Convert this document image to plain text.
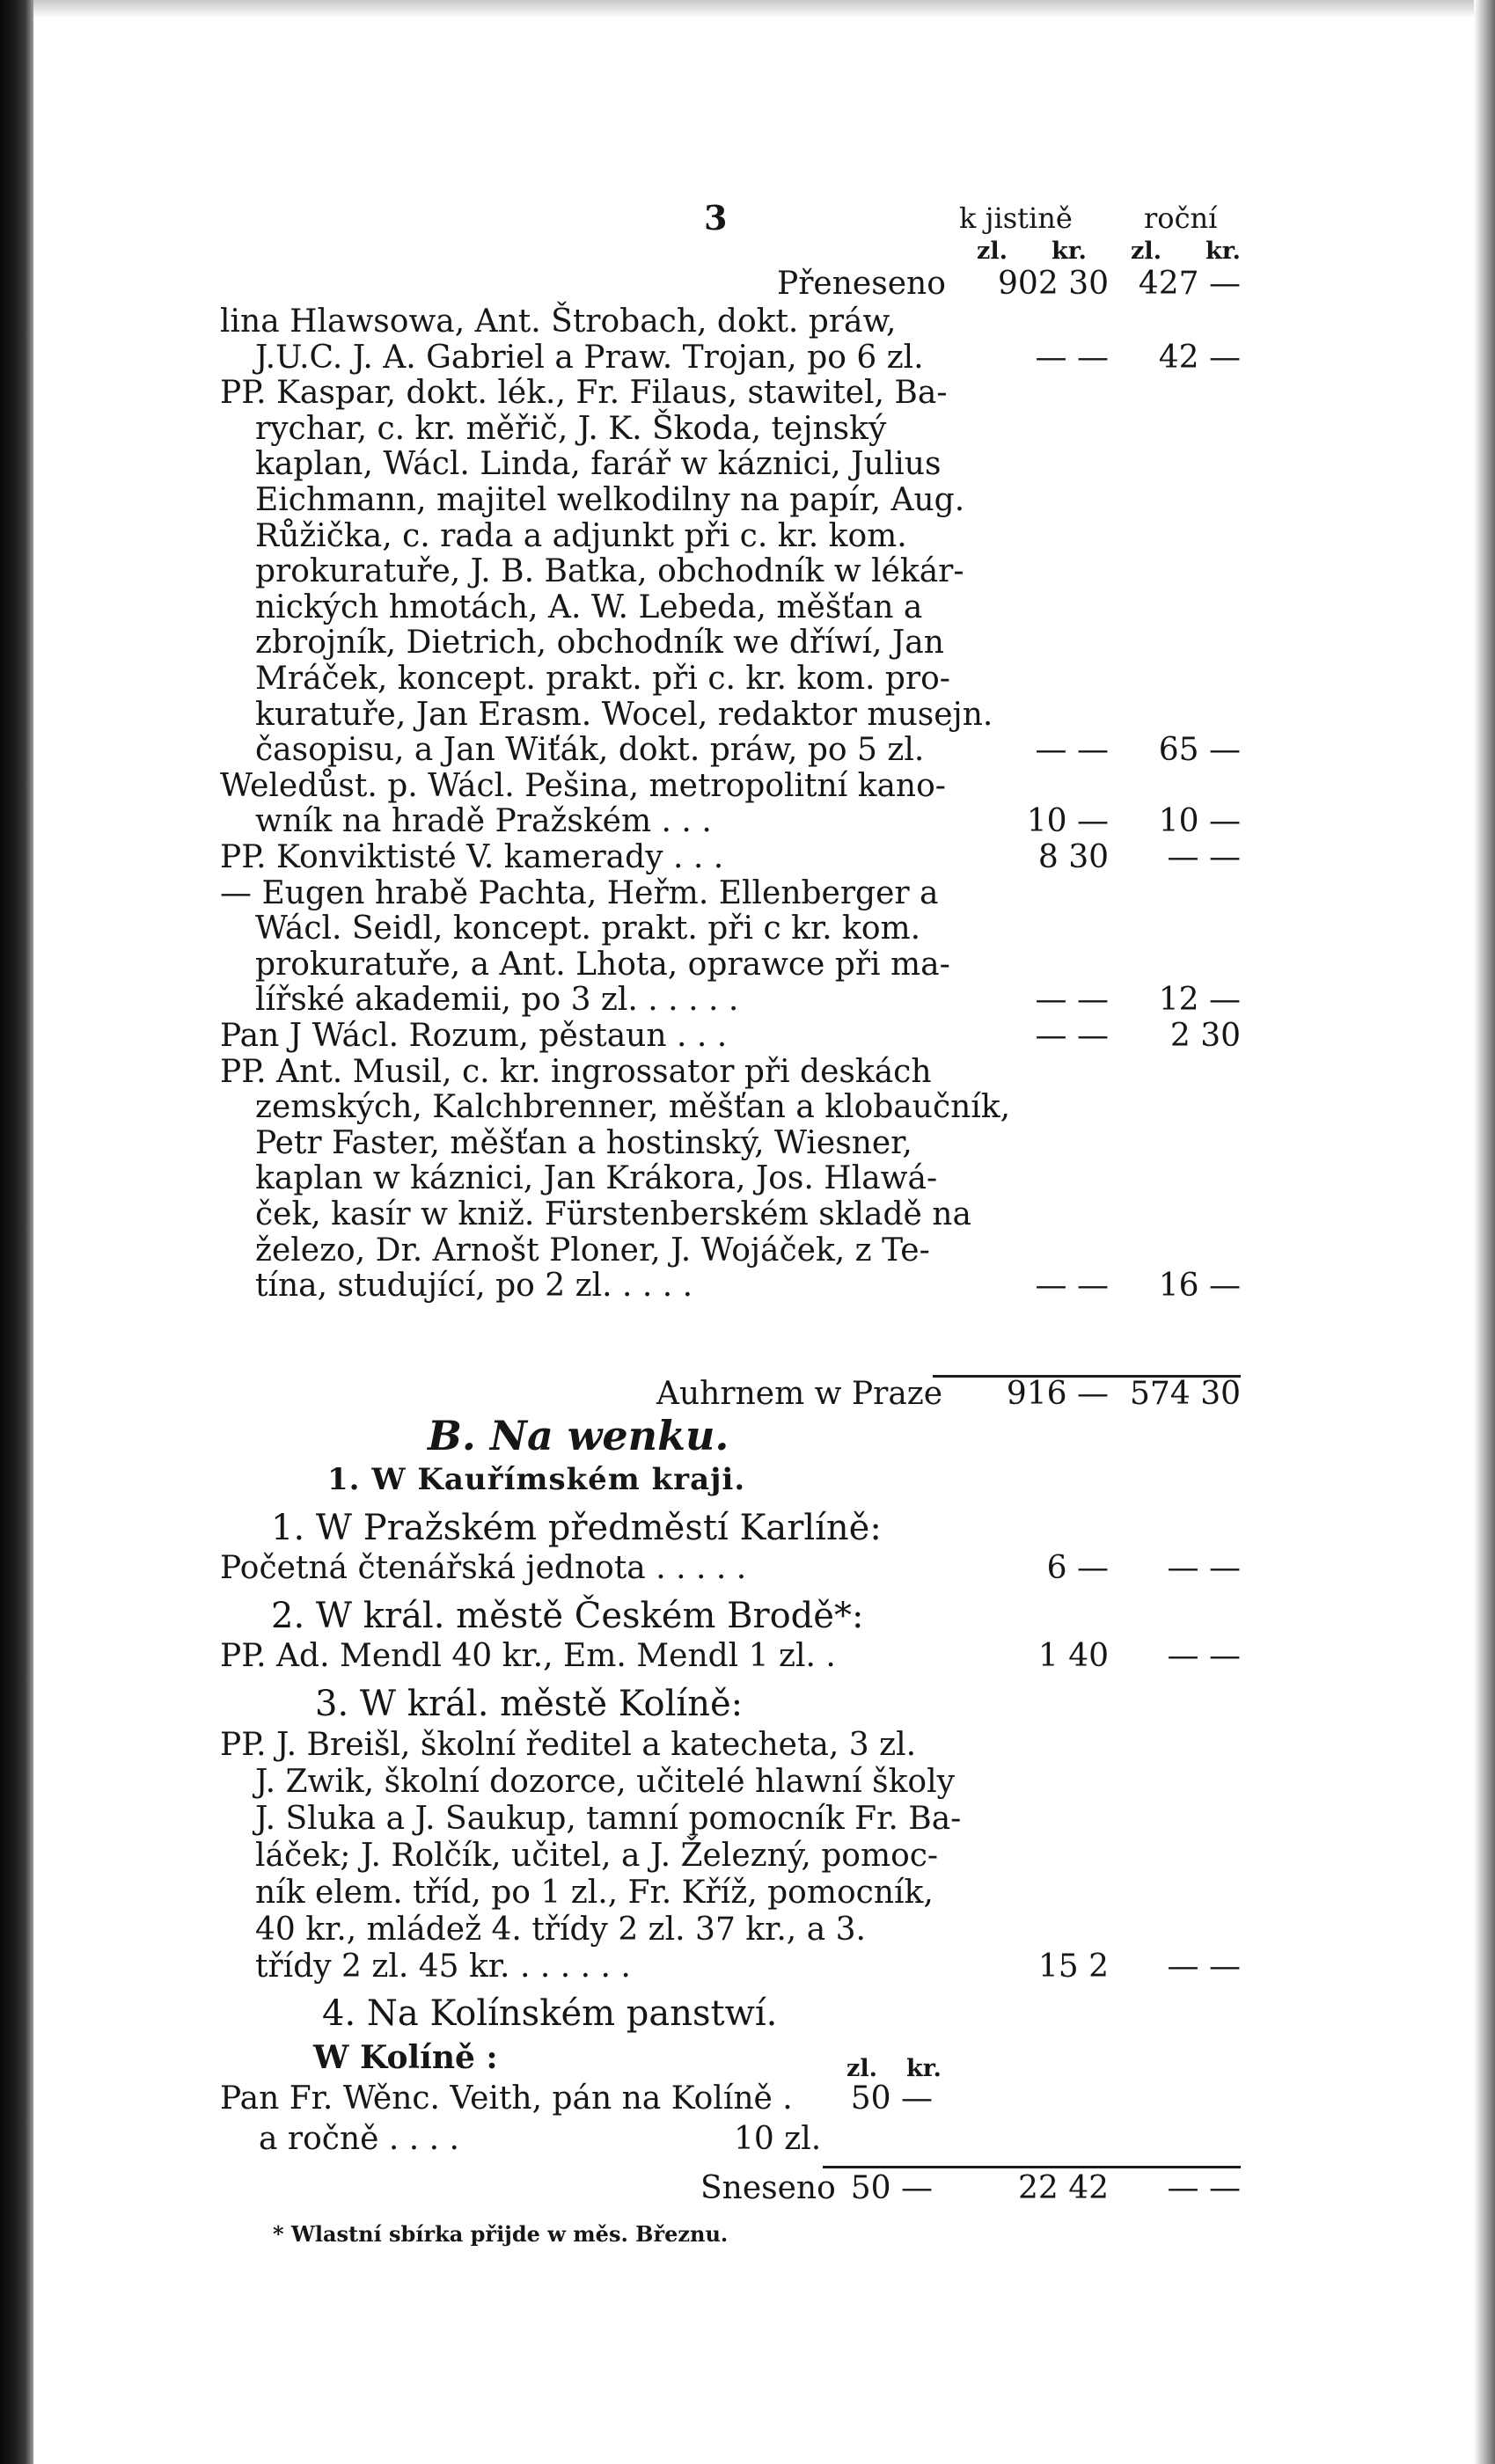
3	k jistině	roční
zl. kr. zl. kr.
Přeneseno	902 30 427 —
lina Hlawsowa, Ant. Štrobach, dokt. práw,
J.U.C. J. A. Gabriel a Praw. Trojan, po 6 zl.	— —	42 —
PP. Kaspar, dokt. lék., Fr. Filaus, stawitel, Ba-
rychar, c. kr. měřič, J. K. Škoda, tejnský
kaplan, Wácl. Linda, farář w káznici, Julius
Eichmann, majitel welkodilny na papír, Aug.
Růžička, c. rada a adjunkt při c. kr. kom.
prokuratuře, J. B. Batka, obchodník w lékár-
nických hmotách, A. W. Lebeda, měšťan a
zbrojník, Dietrich, obchodník we dříwí, Jan
Mráček, koncept. prakt. při c. kr. kom. pro-
kuratuře, Jan Erasm. Wocel, redaktor musejn.
časopisu, a Jan Wiťák, dokt. práw, po 5 zl.	— —	65 —
Weledůst. p. Wácl. Pešina, metropolitní kano-
wník na hradě Pražském . . .	10 —	10 —
PP. Konviktisté V. kamerady . . .	8 30	— —
— Eugen hrabě Pachta, Heřm. Ellenberger a
Wácl. Seidl, koncept. prakt. při c kr. kom.
prokuratuře, a Ant. Lhota, oprawce při ma-
lířské akademii, po 3 zl. . . . . .	— —	12 —
Pan J Wácl. Rozum, pěstaun . . .	— —	2 30
PP. Ant. Musil, c. kr. ingrossator při deskách
zemských, Kalchbrenner, měšťan a klobaučník,
Petr Faster, měšťan a hostinský, Wiesner,
kaplan w káznici, Jan Krákora, Jos. Hlawá-
ček, kasír w kniž. Fürstenberském skladě na
železo, Dr. Arnošt Ploner, J. Wojáček, z Te-
tína, studující, po 2 zl. . . . .	— —	16 —
Auhrnem w Praze	916 — 574 30
B. Na wenku.
1. W Kauřímském kraji.
1. W Pražském předměstí Karlíně:
Početná čtenářská jednota . . . . .	6 —	— —
2. W král. městě Českém Brodě*:
PP. Ad. Mendl 40 kr., Em. Mendl 1 zl. .	1 40	— —
3. W král. městě Kolíně:
PP. J. Breišl, školní ředitel a katecheta, 3 zl.
J. Zwik, školní dozorce, učitelé hlawní školy
J. Sluka a J. Saukup, tamní pomocník Fr. Ba-
láček; J. Rolčík, učitel, a J. Železný, pomoc-
ník elem. tříd, po 1 zl., Fr. Kříž, pomocník,
40 kr., mládež 4. třídy 2 zl. 37 kr., a 3.
třídy 2 zl. 45 kr. . . . . . .	15 2	— —
4. Na Kolínském panstwí.
W Kolíně :	zl. kr.
Pan Fr. Wěnc. Veith, pán na Kolíně .	50 —
a ročně . . . .	10 zl.
Sneseno 50 —	22 42	— —
* Wlastní sbírka přijde w měs. Březnu.
